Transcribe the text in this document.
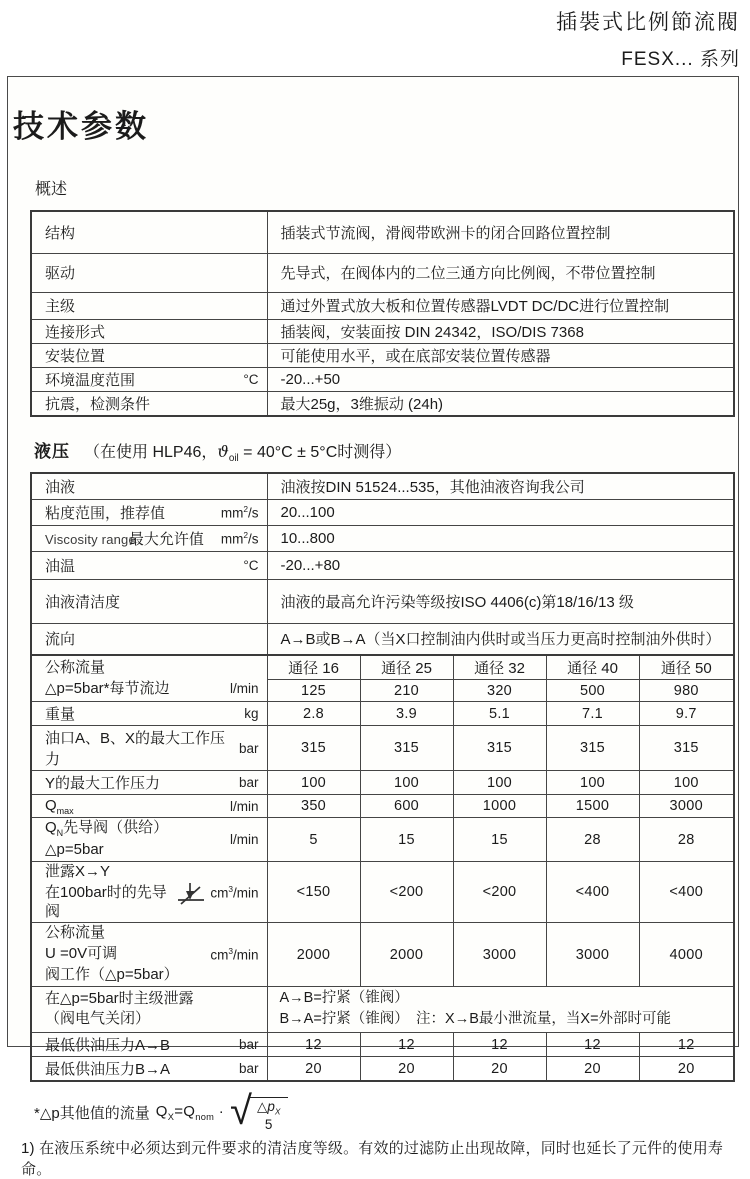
插裝式比例節流閥
FESX... 系列
技术参数
概述
结构	插装式节流阀，滑阀带欧洲卡的闭合回路位置控制

驱动	先导式，在阀体内的二位三通方向比例阀，不带位置控制

主级	通过外置式放大板和位置传感器LVDT DC/DC进行位置控制

连接形式	插装阀，安装面按 DIN 24342，ISO/DIS 7368

安装位置	可能使用水平，或在底部安装位置传感器

环境温度范围 °C	-20...+50

抗震，检测条件	最大25g，3维振动 (24h)
液压 （在使用 HLP46，$ϑ_{oil} = 40^\circ C \pm 5^\circ C$时测得）
油液	油液按DIN 51524...535，其他油液咨询我公司

粘度范围，推荐值 $mm^2/s$	20...100

Viscosity range最大允许值 $mm^2/s$	10...800

油温 °C	-20...+80

油液清洁度	油液的最高允许污染等级按ISO 4406(c)第18/16/13 级

流向	A→B或B→A（当X口控制油内供时或当压力更高时控制油外供时）
公称流量
△p=5bar*每节流边 l/min	通径 16	通径 25	通径 32	通径 40	通径 50
	125	210	320	500	980

重量 kg	2.8	3.9	5.1	7.1	9.7

油口A、B、X的最大工作压力
bar	315	315	315	315	315

Y的最大工作压力 bar	100	100	100	100	100

$Q_{max}$ l/min	350	600	1000	1500	3000

$Q_N$先导阀（供给）
△p=5bar
l/min	5	15	15	28	28

泄露X→Y
在100bar时的先导阀
$cm^3/\min$	<150	<200	<200	<400	<400

公称流量
U =0V可调
阀工作（△p=5bar）
$cm^3/\min$	2000	2000	3000	3000	4000

在△p=5bar时主级泄露
（阀电气关闭）

A→B=拧紧（锥阀）
B→A=拧紧（锥阀）　注：X→B最小泄流量，当X=外部时可能

最低供油压力A→B bar	12	12	12	12	12

最低供油压力B→A bar	20	20	20	20	20
*△p其他值的流量 $Q_X=Q_{nom}$ · √ $\triangle p_X$
5
1) 在液压系统中必须达到元件要求的清洁度等级。有效的过滤防止出现故障，同时也延长了元件的使用寿命。
